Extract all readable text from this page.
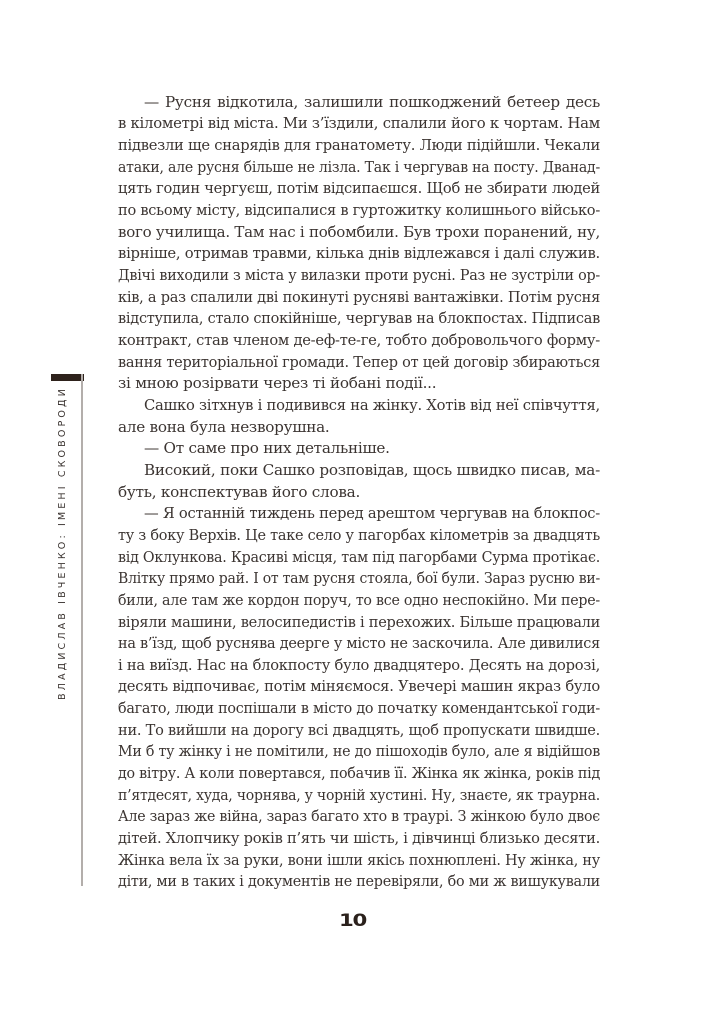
ВЛАДИСЛАВ ІВЧЕНКО: ІМЕНІ СКОВОРОДИ
— Русня відкотила, залишили пошкоджений бетеер десь
в кілометрі від міста. Ми з’їздили, спалили його к чортам. Нам
підвезли ще снарядів для гранатомету. Люди підійшли. Чекали
атаки, але русня більше не лізла. Так і чергував на посту. Дванад-
цять годин чергуєш, потім відсипаєшся. Щоб не збирати людей
по всьому місту, відсипалися в гуртожитку колишнього військо-
вого училища. Там нас і побомбили. Був трохи поранений, ну,
вірніше, отримав травми, кілька днів відлежався і далі служив.
Двічі виходили з міста у вилазки проти русні. Раз не зустріли ор-
ків, а раз спалили дві покинуті русняві вантажівки. Потім русня
відступила, стало спокійніше, чергував на блокпостах. Підписав
контракт, став членом де-еф-те-ге, тобто добровольчого форму-
вання територіальної громади. Тепер от цей договір збираються
зі мною розірвати через ті йобані події...
Сашко зітхнув і подивився на жінку. Хотів від неї співчуття,
але вона була незворушна.
— От саме про них детальніше.
Високий, поки Сашко розповідав, щось швидко писав, ма-
буть, конспектував його слова.
— Я останній тиждень перед арештом чергував на блокпос-
ту з боку Верхів. Це таке село у пагорбах кілометрів за двадцять
від Оклункова. Красиві місця, там під пагорбами Сурма протікає.
Влітку прямо рай. І от там русня стояла, бої були. Зараз русню ви-
били, але там же кордон поруч, то все одно неспокійно. Ми пере-
віряли машини, велосипедистів і перехожих. Більше працювали
на в’їзд, щоб руснява деерге у місто не заскочила. Але дивилися
і на виїзд. Нас на блокпосту було двадцятеро. Десять на дорозі,
десять відпочиває, потім міняємося. Увечері машин якраз було
багато, люди поспішали в місто до початку комендантської годи-
ни. То вийшли на дорогу всі двадцять, щоб пропускати швидше.
Ми б ту жінку і не помітили, не до пішоходів було, але я відійшов
до вітру. А коли повертався, побачив її. Жінка як жінка, років під
п’ятдесят, худа, чорнява, у чорній хустині. Ну, знаєте, як траурна.
Але зараз же війна, зараз багато хто в траурі. З жінкою було двоє
дітей. Хлопчику років п’ять чи шість, і дівчинці близько десяти.
Жінка вела їх за руки, вони ішли якісь похнюплені. Ну жінка, ну
діти, ми в таких і документів не перевіряли, бо ми ж вишукували
10
